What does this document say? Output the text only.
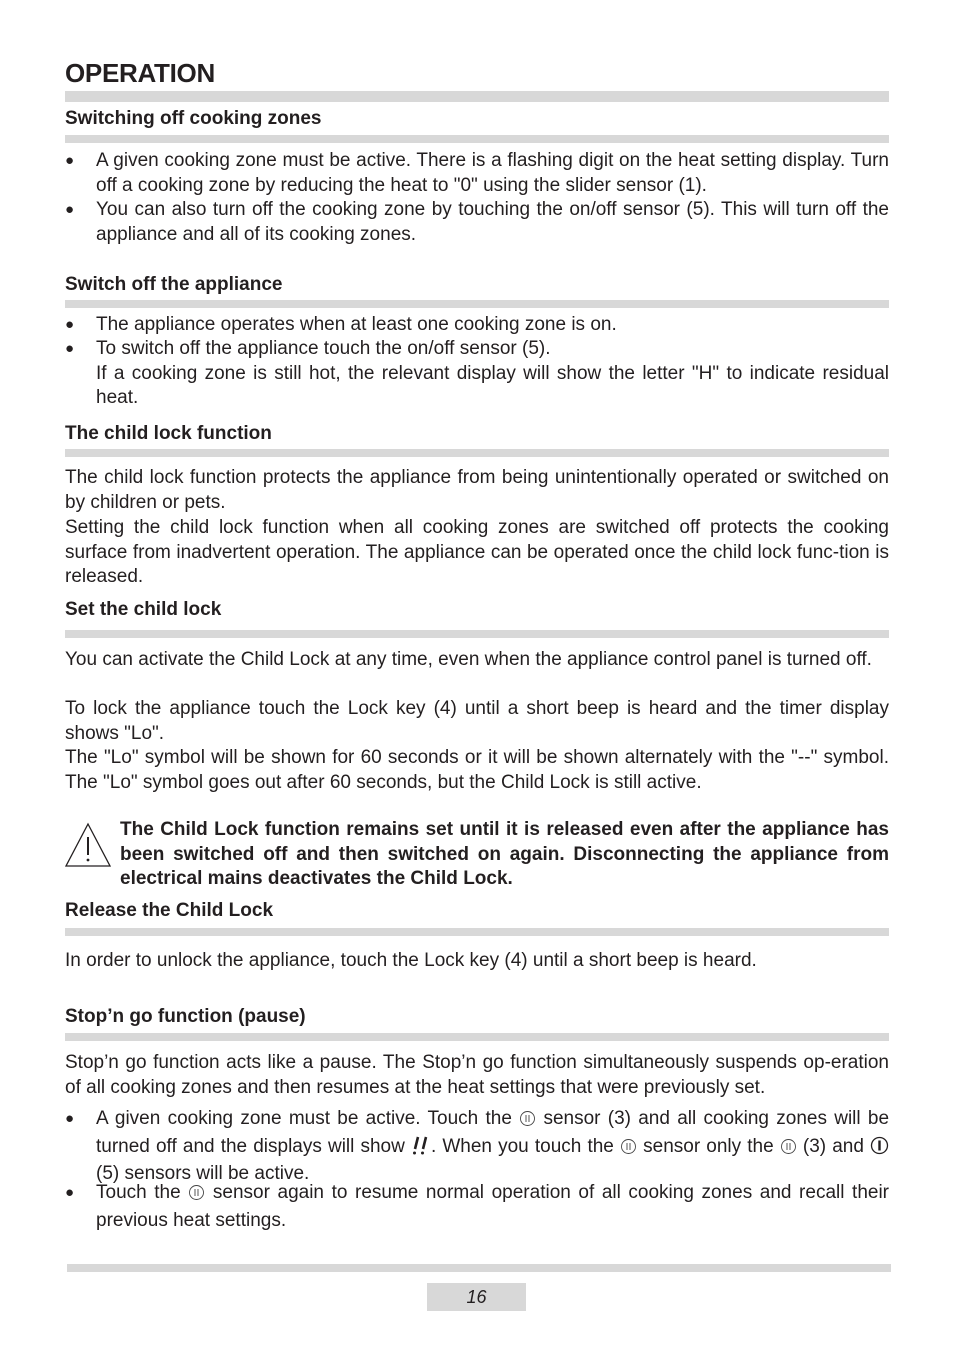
OPERATION
Switching off cooking zones
● A given cooking zone must be active. There is a flashing digit on the heat setting display. Turn off a cooking zone by reducing the heat to "0" using the slider sensor (1).
● You can also turn off the cooking zone by touching the on/off sensor (5). This will turn off the appliance and all of its cooking zones.
Switch off the appliance
● The appliance operates when at least one cooking zone is on.
● To switch off the appliance touch the on/off sensor (5).
If a cooking zone is still hot, the relevant display will show the letter "H" to indicate residual heat.
The child lock function
The child lock function protects the appliance from being unintentionally operated or switched on by children or pets.
Setting the child lock function when all cooking zones are switched off protects the cooking surface from inadvertent operation. The appliance can be operated once the child lock func-tion is released.
Set the child lock
You can activate the Child Lock at any time, even when the appliance control panel is turned off.
To lock the appliance touch the Lock key (4) until a short beep is heard and the timer display shows "Lo".
The "Lo" symbol will be shown for 60 seconds or it will be shown alternately with the "--" symbol. The "Lo" symbol goes out after 60 seconds, but the Child Lock is still active.
The Child Lock function remains set until it is released even after the appliance has been switched off and then switched on again. Disconnecting the appliance from electrical mains deactivates the Child Lock.
Release the Child Lock
In order to unlock the appliance, touch the Lock key (4) until a short beep is heard.
Stop’n go function (pause)
Stop’n go function acts like a pause. The Stop’n go function simultaneously suspends op-eration of all cooking zones and then resumes at the heat settings that were previously set.
● A given cooking zone must be active. Touch the sensor (3) and all cooking zones will be turned off and the displays will show . When you touch the sensor only the (3) and  (5) sensors will be active.
● Touch the sensor again to resume normal operation of all cooking zones and recall their previous heat settings.
16
